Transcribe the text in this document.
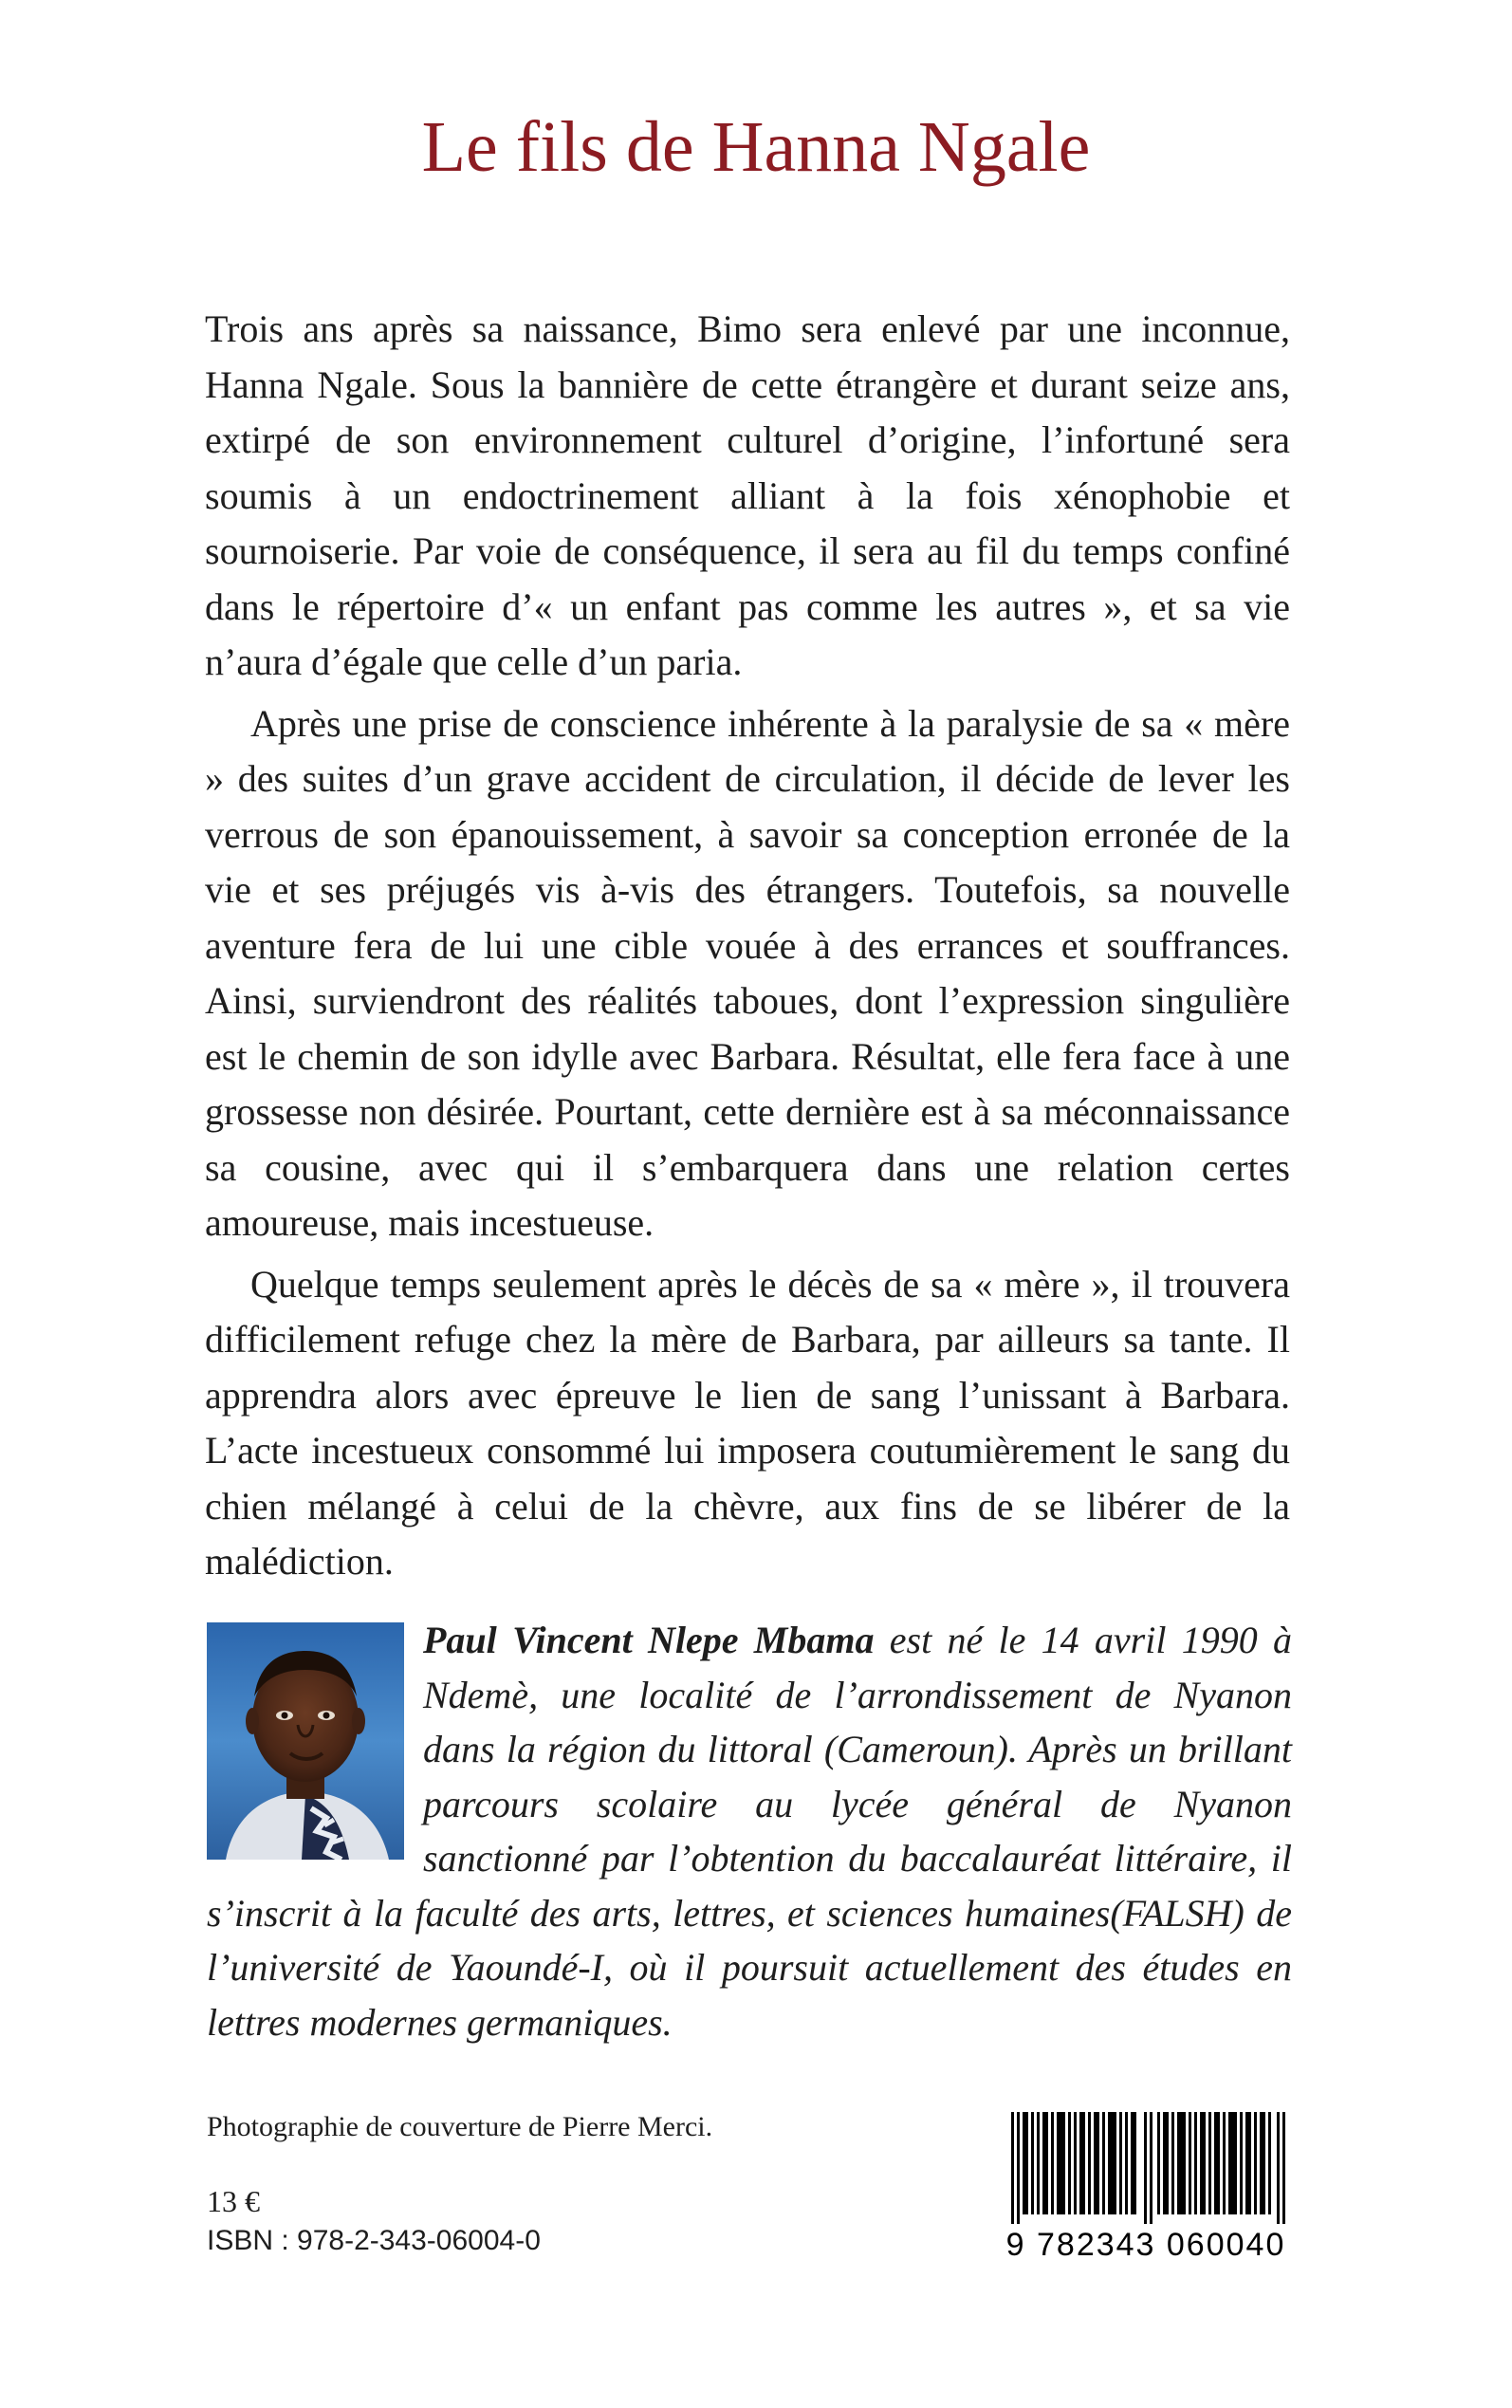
Le fils de Hanna Ngale

Trois ans après sa naissance, Bimo sera enlevé par une inconnue, Hanna Ngale. Sous la bannière de cette étrangère et durant seize ans, extirpé de son environnement culturel d’origine, l’infortuné sera soumis à un endoctrinement alliant à la fois xénophobie et sournoiserie. Par voie de conséquence, il sera au fil du temps confiné dans le répertoire d’« un enfant pas comme les autres », et sa vie n’aura d’égale que celle d’un paria.

Après une prise de conscience inhérente à la paralysie de sa « mère » des suites d’un grave accident de circulation, il décide de lever les verrous de son épanouissement, à savoir sa conception erronée de la vie et ses préjugés vis à-vis des étrangers. Toutefois, sa nouvelle aventure fera de lui une cible vouée à des errances et souffrances. Ainsi, surviendront des réalités taboues, dont l’expression singulière est le chemin de son idylle avec Barbara. Résultat, elle fera face à une grossesse non désirée. Pourtant, cette dernière est à sa méconnaissance sa cousine, avec qui il s’embarquera dans une relation certes amoureuse, mais incestueuse.

Quelque temps seulement après le décès de sa « mère », il trouvera difficilement refuge chez la mère de Barbara, par ailleurs sa tante. Il apprendra alors avec épreuve le lien de sang l’unissant à Barbara. L’acte incestueux consommé lui imposera coutumièrement le sang du chien mélangé à celui de la chèvre, aux fins de se libérer de la malédiction.

Paul Vincent Nlepe Mbama est né le 14 avril 1990 à Ndemè, une localité de l’arrondissement de Nyanon dans la région du littoral (Cameroun). Après un brillant parcours scolaire au lycée général de Nyanon sanctionné par l’obtention du baccalauréat littéraire, il s’inscrit à la faculté des arts, lettres, et sciences humaines(FALSH) de l’université de Yaoundé-I, où il poursuit actuellement des études en lettres modernes germaniques.

Photographie de couverture de Pierre Merci.

13 €

ISBN : 978-2-343-06004-0	9 782343 060040
